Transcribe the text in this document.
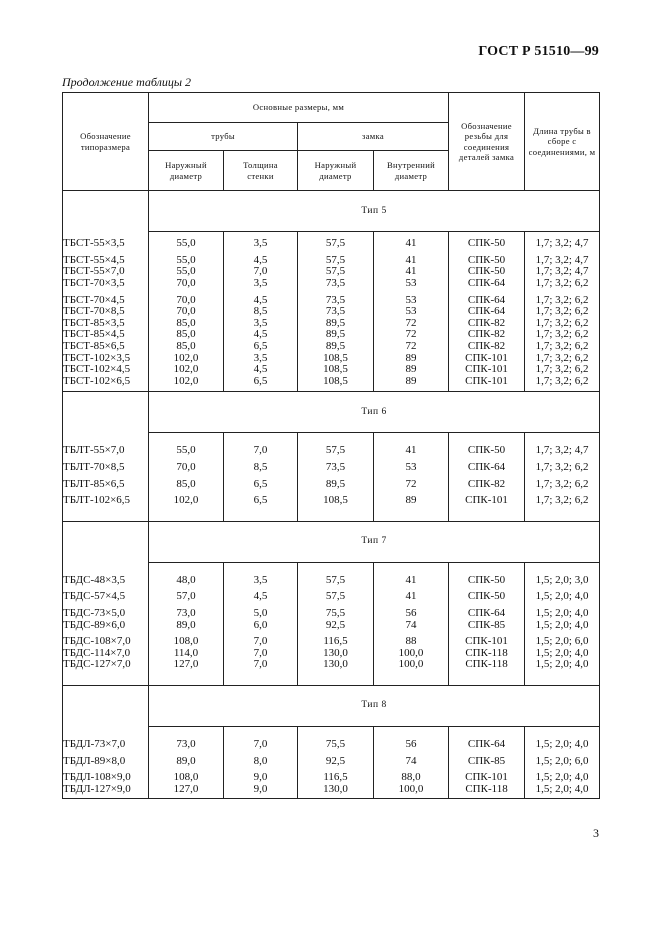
ГОСТ Р 51510—99
Продолжение таблицы 2
Обозначение типоразмера	Основные размеры, мм				Обозначение резьбы для соединения деталей замка	Длина трубы в сборе с соединениями, м
	трубы		замка			
	Наружный диаметр	Толщина стенки	Наружный диаметр	Внутренний диаметр		
	Тип 5					

ТБСТ-55×3,5	55,0	3,5	57,5	41	СПК-50	1,7; 3,2; 4,7

ТБСТ-55×4,5	55,0	4,5	57,5	41	СПК-50	1,7; 3,2; 4,7
ТБСТ-55×7,0	55,0	7,0	57,5	41	СПК-50	1,7; 3,2; 4,7
ТБСТ-70×3,5	70,0	3,5	73,5	53	СПК-64	1,7; 3,2; 6,2

ТБСТ-70×4,5	70,0	4,5	73,5	53	СПК-64	1,7; 3,2; 6,2
ТБСТ-70×8,5	70,0	8,5	73,5	53	СПК-64	1,7; 3,2; 6,2
ТБСТ-85×3,5	85,0	3,5	89,5	72	СПК-82	1,7; 3,2; 6,2
ТБСТ-85×4,5	85,0	4,5	89,5	72	СПК-82	1,7; 3,2; 6,2
ТБСТ-85×6,5	85,0	6,5	89,5	72	СПК-82	1,7; 3,2; 6,2
ТБСТ-102×3,5	102,0	3,5	108,5	89	СПК-101	1,7; 3,2; 6,2
ТБСТ-102×4,5	102,0	4,5	108,5	89	СПК-101	1,7; 3,2; 6,2
ТБСТ-102×6,5	102,0	6,5	108,5	89	СПК-101	1,7; 3,2; 6,2

	Тип 6					

ТБЛТ-55×7,0	55,0	7,0	57,5	41	СПК-50	1,7; 3,2; 4,7

ТБЛТ-70×8,5	70,0	8,5	73,5	53	СПК-64	1,7; 3,2; 6,2

ТБЛТ-85×6,5	85,0	6,5	89,5	72	СПК-82	1,7; 3,2; 6,2

ТБЛТ-102×6,5	102,0	6,5	108,5	89	СПК-101	1,7; 3,2; 6,2

	Тип 7					

ТБДС-48×3,5	48,0	3,5	57,5	41	СПК-50	1,5; 2,0; 3,0

ТБДС-57×4,5	57,0	4,5	57,5	41	СПК-50	1,5; 2,0; 4,0

ТБДС-73×5,0	73,0	5,0	75,5	56	СПК-64	1,5; 2,0; 4,0
ТБДС-89×6,0	89,0	6,0	92,5	74	СПК-85	1,5; 2,0; 4,0

ТБДС-108×7,0	108,0	7,0	116,5	88	СПК-101	1,5; 2,0; 6,0
ТБДС-114×7,0	114,0	7,0	130,0	100,0	СПК-118	1,5; 2,0; 4,0
ТБДС-127×7,0	127,0	7,0	130,0	100,0	СПК-118	1,5; 2,0; 4,0

	Тип 8					

ТБДЛ-73×7,0	73,0	7,0	75,5	56	СПК-64	1,5; 2,0; 4,0

ТБДЛ-89×8,0	89,0	8,0	92,5	74	СПК-85	1,5; 2,0; 6,0

ТБДЛ-108×9,0	108,0	9,0	116,5	88,0	СПК-101	1,5; 2,0; 4,0
ТБДЛ-127×9,0	127,0	9,0	130,0	100,0	СПК-118	1,5; 2,0; 4,0

3
